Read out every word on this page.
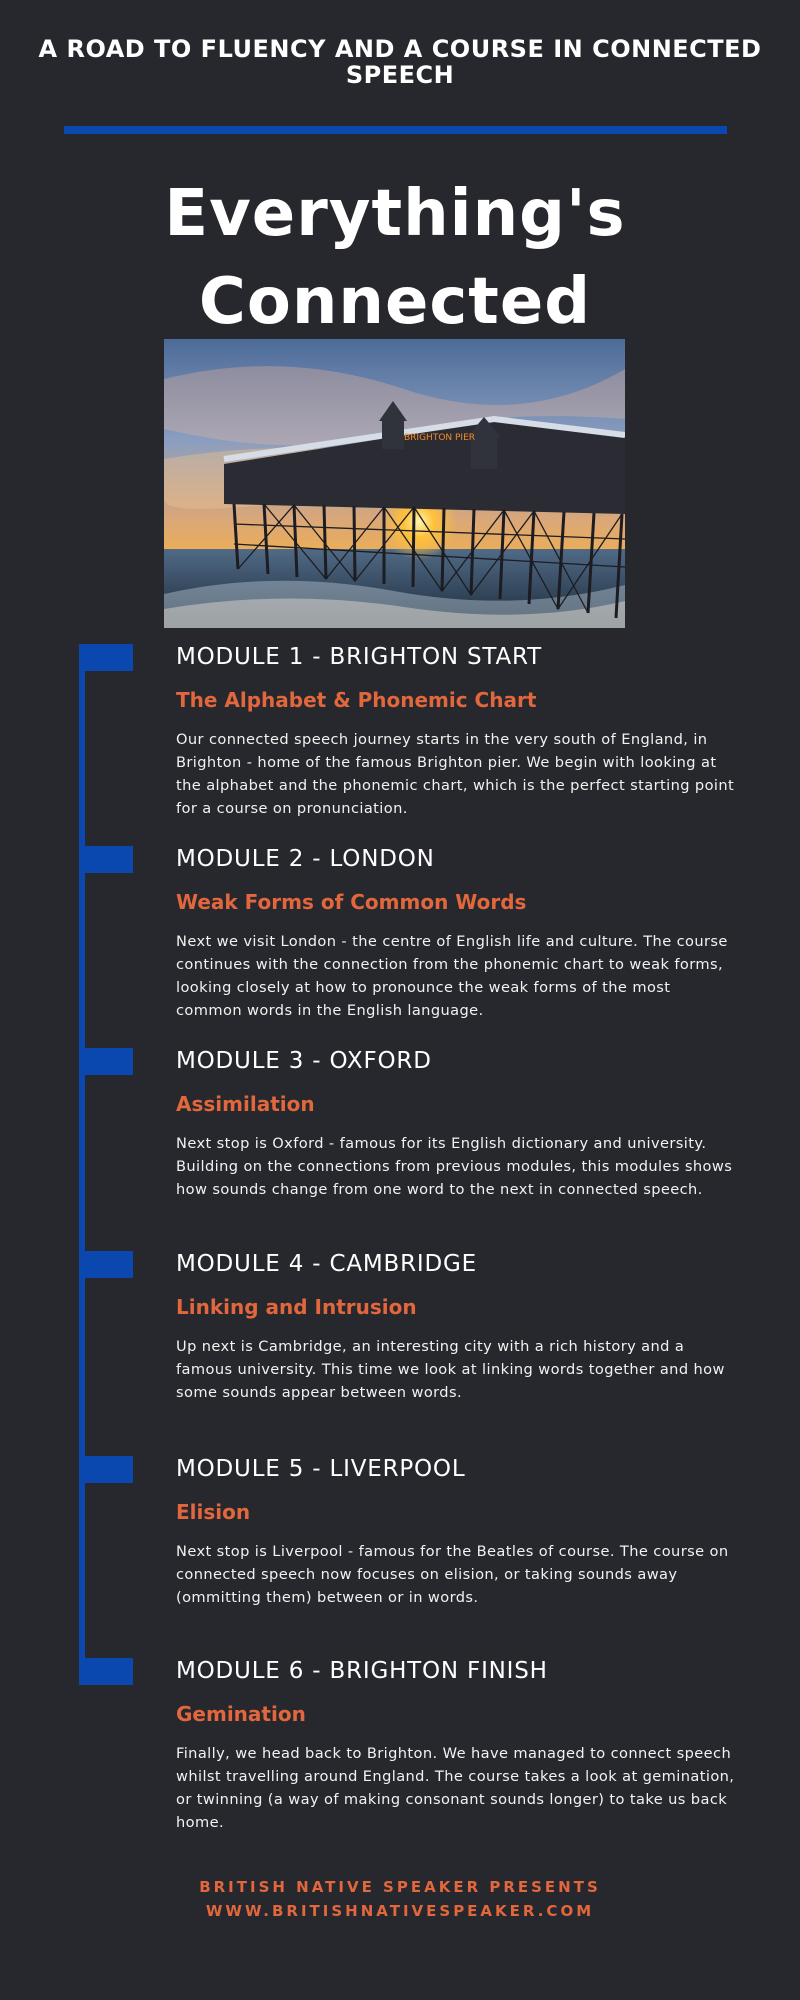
A ROAD TO FLUENCY AND A COURSE IN CONNECTED SPEECH
Everything's
Connected
BRIGHTON PIER
MODULE 1 - BRIGHTON START
The Alphabet & Phonemic Chart

Our connected speech journey starts in the very south of England, in Brighton - home of the famous Brighton pier. We begin with looking at the alphabet and the phonemic chart, which is the perfect starting point for a course on pronunciation.

MODULE 2 - LONDON
Weak Forms of Common Words

Next we visit London - the centre of English life and culture. The course continues with the connection from the phonemic chart to weak forms, looking closely at how to pronounce the weak forms of the most common words in the English language.

MODULE 3 - OXFORD
Assimilation

Next stop is Oxford - famous for its English dictionary and university. Building on the connections from previous modules, this modules shows how sounds change from one word to the next in connected speech.

MODULE 4 - CAMBRIDGE
Linking and Intrusion

Up next is Cambridge, an interesting city with a rich history and a famous university. This time we look at linking words together and how some sounds appear between words.

MODULE 5 - LIVERPOOL
Elision

Next stop is Liverpool - famous for the Beatles of course. The course on connected speech now focuses on elision, or taking sounds away (ommitting them) between or in words.

MODULE 6 - BRIGHTON FINISH
Gemination

Finally, we head back to Brighton. We have managed to connect speech whilst travelling around England. The course takes a look at gemination, or twinning (a way of making consonant sounds longer) to take us back home.

BRITISH NATIVE SPEAKER PRESENTS
WWW.BRITISHNATIVESPEAKER.COM
